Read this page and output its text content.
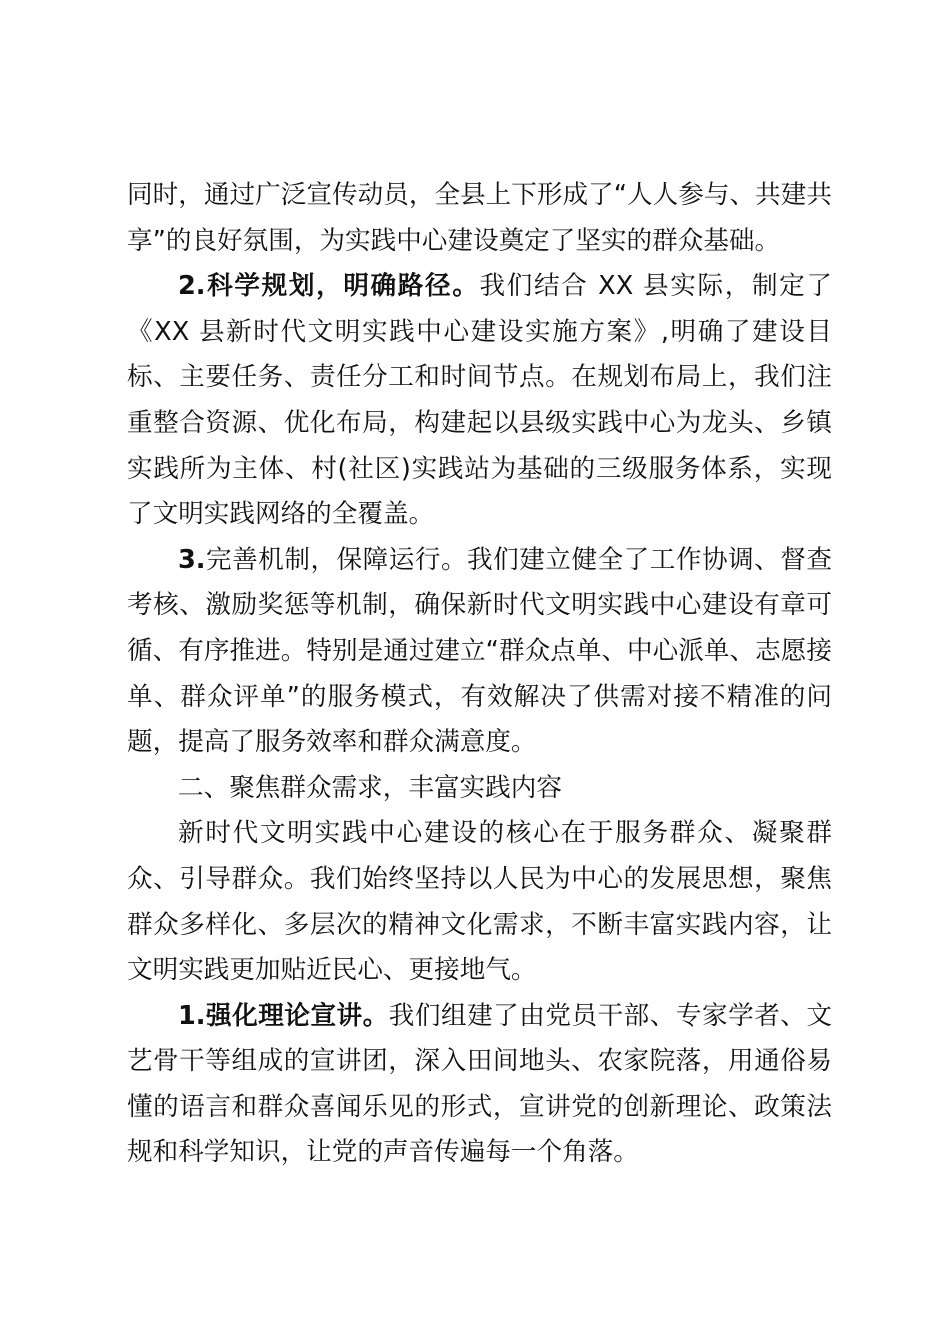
同时，通过广泛宣传动员，全县上下形成了“人人参与、共建共享”的良好氛围，为实践中心建设奠定了坚实的群众基础。

2.科学规划，明确路径。我们结合 XX 县实际，制定了《XX 县新时代文明实践中心建设实施方案》,明确了建设目标、主要任务、责任分工和时间节点。在规划布局上，我们注重整合资源、优化布局，构建起以县级实践中心为龙头、乡镇实践所为主体、村(社区)实践站为基础的三级服务体系，实现了文明实践网络的全覆盖。

3.完善机制，保障运行。我们建立健全了工作协调、督查考核、激励奖惩等机制，确保新时代文明实践中心建设有章可循、有序推进。特别是通过建立“群众点单、中心派单、志愿接单、群众评单”的服务模式，有效解决了供需对接不精准的问题，提高了服务效率和群众满意度。

二、聚焦群众需求，丰富实践内容

新时代文明实践中心建设的核心在于服务群众、凝聚群众、引导群众。我们始终坚持以人民为中心的发展思想，聚焦群众多样化、多层次的精神文化需求，不断丰富实践内容，让文明实践更加贴近民心、更接地气。

1.强化理论宣讲。我们组建了由党员干部、专家学者、文艺骨干等组成的宣讲团，深入田间地头、农家院落，用通俗易懂的语言和群众喜闻乐见的形式，宣讲党的创新理论、政策法规和科学知识，让党的声音传遍每一个角落。
